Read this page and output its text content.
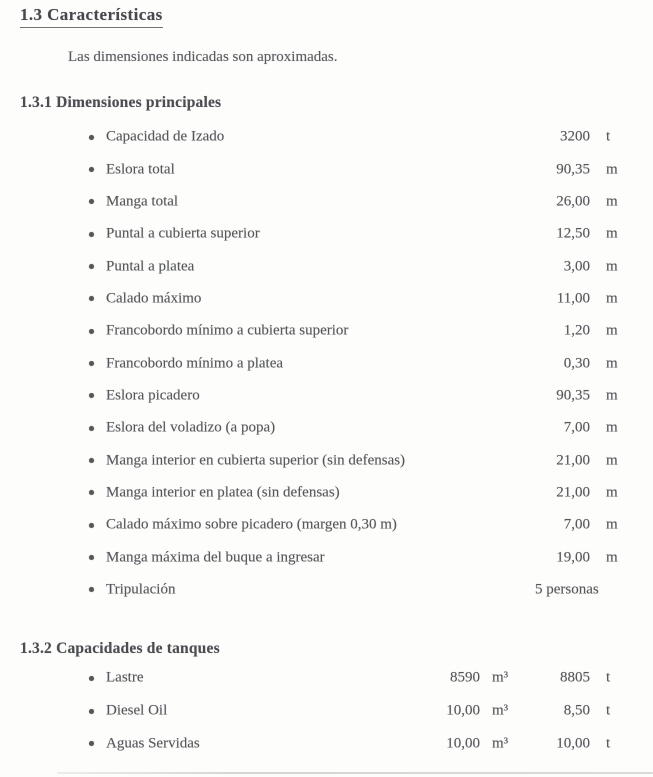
1.3 Características
Las dimensiones indicadas son aproximadas.
1.3.1 Dimensiones principales
Capacidad de Izado	3200 t
Eslora total	90,35 m
Manga total	26,00 m
Puntal a cubierta superior	12,50 m
Puntal a platea	3,00 m
Calado máximo	11,00 m
Francobordo mínimo a cubierta superior	1,20 m
Francobordo mínimo a platea	0,30 m
Eslora picadero	90,35 m
Eslora del voladizo (a popa)	7,00 m
Manga interior en cubierta superior (sin defensas)	21,00 m
Manga interior en platea (sin defensas)	21,00 m
Calado máximo sobre picadero (margen 0,30 m)	7,00 m
Manga máxima del buque a ingresar	19,00 m
Tripulación	5 personas
1.3.2 Capacidades de tanques
Lastre	8590 m³	8805 t
Diesel Oil	10,00 m³	8,50 t
Aguas Servidas	10,00 m³	10,00 t
